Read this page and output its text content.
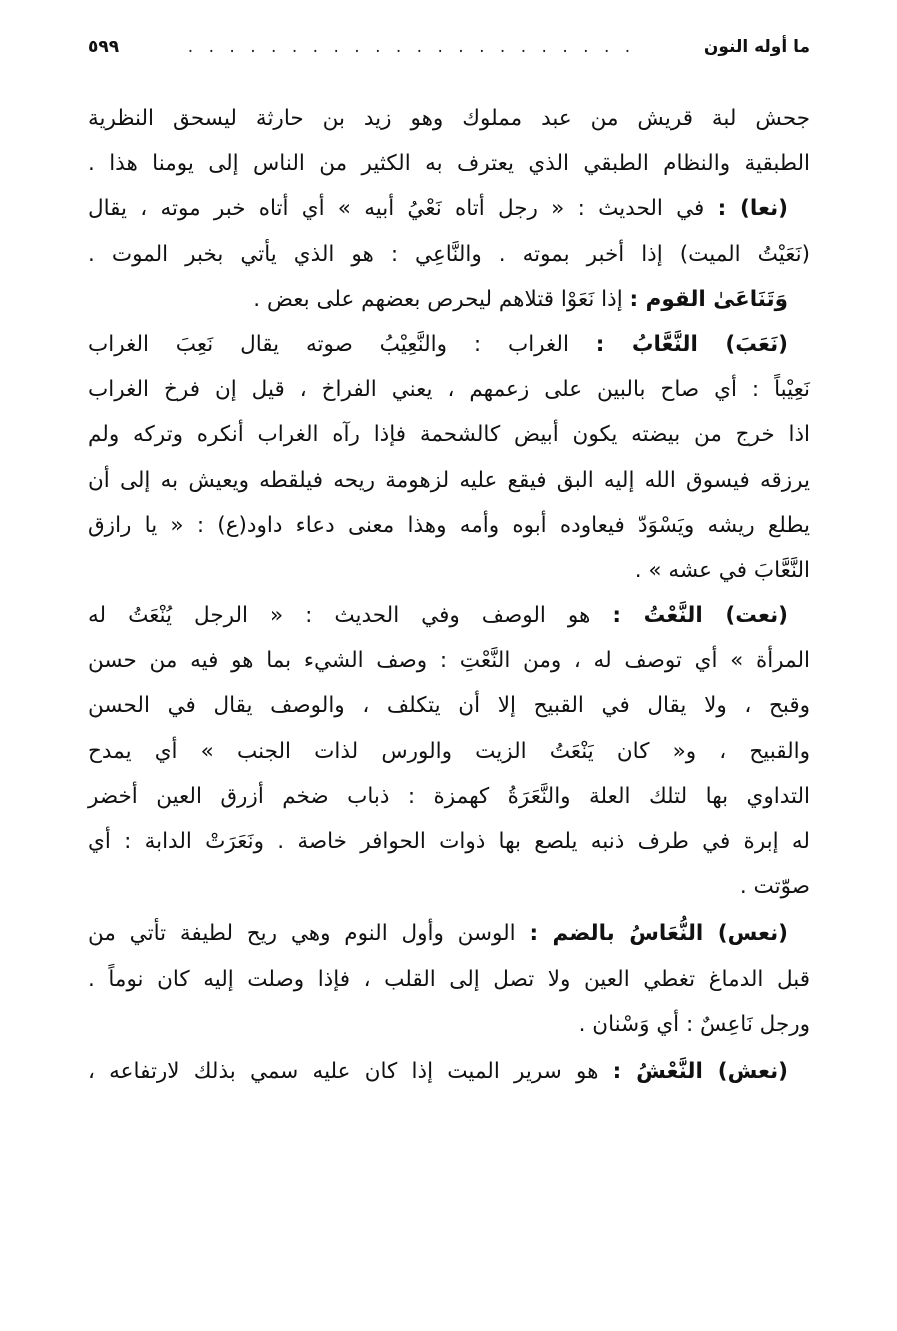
ما أوله النون
. . . . . . . . . . . . . . . . . . . . . .
٥٩٩
جحش لبة قريش من عبد مملوك وهو زيد بن حارثة ليسحق النظرية
الطبقية والنظام الطبقي الذي يعترف به الكثير من الناس إلى يومنا هذا .
(نعا) : في الحديث : « رجل أتاه نَعْيُ أبيه » أي أتاه خبر موته ، يقال
(نَعَيْتُ الميت) إذا أخبر بموته . والنَّاعِي : هو الذي يأتي بخبر الموت .
وَتَنَاعَىٰ القوم : إذا نَعَوْا قتلاهم ليحرص بعضهم على بعض .
(نَعَبَ) النَّعَّابُ : الغراب : والنَّعِيْبُ صوته يقال نَعِبَ الغراب
نَعِيْباً : أي صاح بالبين على زعمهم ، يعني الفراخ ، قيل إن فرخ الغراب
اذا خرج من بيضته يكون أبيض كالشحمة فإذا رآه الغراب أنكره وتركه ولم
يرزقه فيسوق الله إليه البق فيقع عليه لزهومة ريحه فيلقطه ويعيش به إلى أن
يطلع ريشه ويَسْوَدّ فيعاوده أبوه وأمه وهذا معنى دعاء داود(ع) : « يا رازق
النَّعَّابَ في عشه » .
(نعت) النَّعْتُ : هو الوصف وفي الحديث : « الرجل يُنْعَتُ له
المرأة » أي توصف له ، ومن النَّعْتِ : وصف الشيء بما هو فيه من حسن
وقبح ، ولا يقال في القبيح إلا أن يتكلف ، والوصف يقال في الحسن
والقبيح ، و« كان يَنْعَتُ الزيت والورس لذات الجنب » أي يمدح
التداوي بها لتلك العلة والنَّعَرَةُ كهمزة : ذباب ضخم أزرق العين أخضر
له إبرة في طرف ذنبه يلصع بها ذوات الحوافر خاصة . ونَعَرَتْ الدابة : أي
صوّتت .
(نعس) النُّعَاسُ بالضم : الوسن وأول النوم وهي ريح لطيفة تأتي من
قبل الدماغ تغطي العين ولا تصل إلى القلب ، فإذا وصلت إليه كان نوماً .
ورجل نَاعِسٌ : أي وَسْنان .
(نعش) النَّعْشُ : هو سرير الميت إذا كان عليه سمي بذلك لارتفاعه ،
